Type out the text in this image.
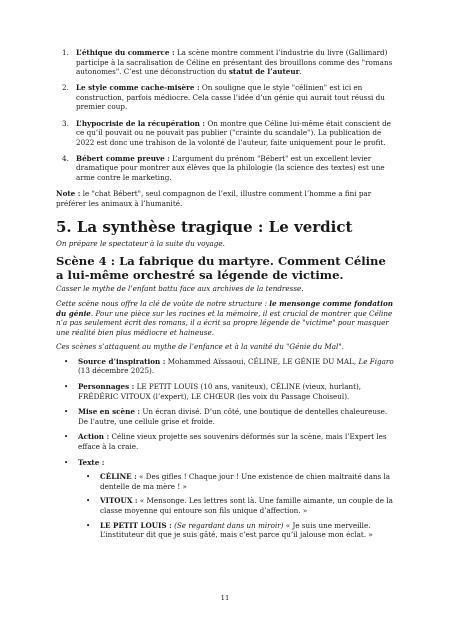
1. L’éthique du commerce : La scène montre comment l’industrie du livre (Gallimard) participe à la sacralisation de Céline en présentant des brouillons comme des "romans autonomes". C’est une déconstruction du statut de l’auteur.
2. Le style comme cache-misère : On souligne que le style "célinien" est ici en construction, parfois médiocre. Cela casse l’idée d’un génie qui aurait tout réussi du premier coup.
3. L’hypocrisie de la récupération : On montre que Céline lui-même était conscient de ce qu’il pouvait ou ne pouvait pas publier ("crainte du scandale"). La publication de 2022 est donc une trahison de la volonté de l’auteur, faite uniquement pour le profit.
4. Bébert comme preuve : L’argument du prénom "Bébert" est un excellent levier dramatique pour montrer aux élèves que la philologie (la science des textes) est une arme contre le marketing.

Note : le "chat Bébert", seul compagnon de l’exil, illustre comment l’homme a fini par préférer les animaux à l’humanité.

5. La synthèse tragique : Le verdict

On prépare le spectateur à la suite du voyage.

Scène 4 : La fabrique du martyre. Comment Céline a lui-même orchestré sa légende de victime.

Casser le mythe de l’enfant battu face aux archives de la tendresse.

Cette scène nous offre la clé de voûte de notre structure : le mensonge comme fondation du génie. Pour une pièce sur les racines et la mémoire, il est crucial de montrer que Céline n’a pas seulement écrit des romans, il a écrit sa propre légende de "victime" pour masquer une réalité bien plus médiocre et haineuse.

Ces scènes s’attaquent au mythe de l’enfance et à la vanité du "Génie du Mal".

• Source d’inspiration : Mohammed Aïssaoui, CÉLINE, LE GÉNIE DU MAL, Le Figaro (13 décembre 2025).
• Personnages : LE PETIT LOUIS (10 ans, vaniteux), CÉLINE (vieux, hurlant), FRÉDÉRIC VITOUX (l’expert), LE CHŒUR (les voix du Passage Choiseul).
• Mise en scène : Un écran divisé. D’un côté, une boutique de dentelles chaleureuse. De l’autre, une cellule grise et froide.
• Action : Céline vieux projette ses souvenirs déformés sur la scène, mais l’Expert les efface à la craie.
• Texte :
• CÉLINE : « Des gifles ! Chaque jour ! Une existence de chien maltraité dans la dentelle de ma mère ! »
• VITOUX : « Mensonge. Les lettres sont là. Une famille aimante, un couple de la classe moyenne qui entoure son fils unique d’affection. »
• LE PETIT LOUIS : (Se regardant dans un miroir) « Je suis une merveille. L’instituteur dit que je suis gâté, mais c’est parce qu’il jalouse mon éclat. »
11
